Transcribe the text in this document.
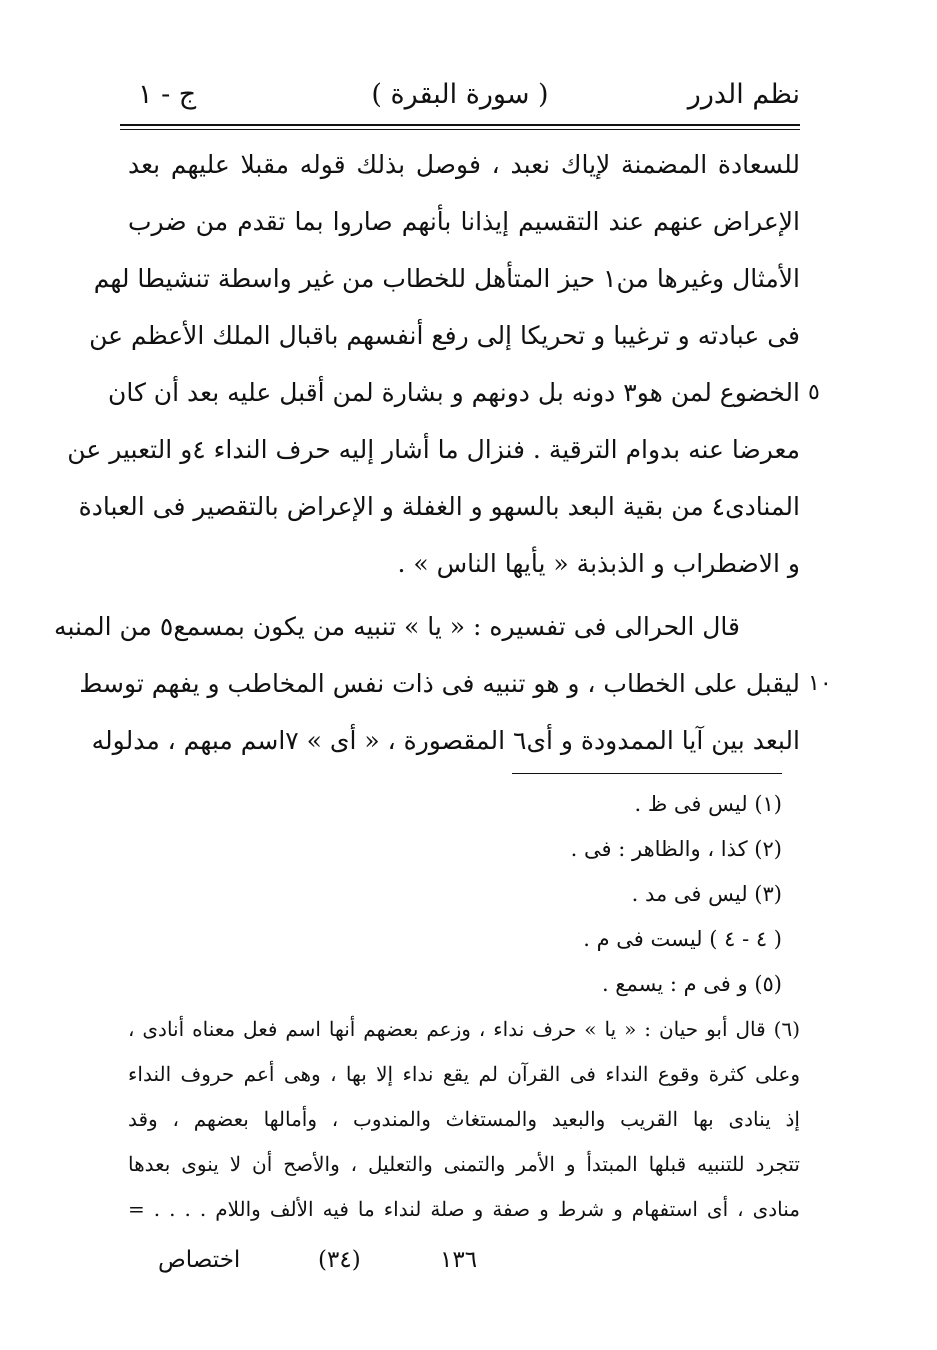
نظم الدرر
( سورة البقرة )
ج - ١
للسعادة المضمنة لإياك نعبد ، فوصل بذلك قوله مقبلا عليهم بعد
الإعراض عنهم عند التقسيم إيذانا بأنهم صاروا بما تقدم من ضرب
الأمثال وغيرها من١ حيز المتأهل للخطاب من غير واسطة تنشيطا لهم
فى عبادته و ترغيبا و تحريكا إلى رفع أنفسهم باقبال الملك الأعظم عن
الخضوع لمن هو٣ دونه بل دونهم و بشارة لمن أقبل عليه بعد أن كان
معرضا عنه بدوام الترقية . فنزال ما أشار إليه حرف النداء ٤و التعبير عن
المنادى٤ من بقية البعد بالسهو و الغفلة و الإعراض بالتقصير فى العبادة
و الاضطراب و الذبذبة « يأيها الناس » .
قال الحرالى فى تفسيره : « يا » تنبيه من يكون بمسمع٥ من المنبه
ليقبل على الخطاب ، و هو تنبيه فى ذات نفس المخاطب و يفهم توسط
البعد بين آيا الممدودة و أى٦ المقصورة ، « أى » ٧اسم مبهم ، مدلوله
٥
١٠
(١) ليس فى ظ .
(٢) كذا ، والظاهر : فى .
(٣) ليس فى مد .
( ٤ - ٤ ) ليست فى م .
(٥) و فى م : يسمع .
(٦) قال أبو حيان : « يا » حرف نداء ، وزعم بعضهم أنها اسم فعل معناه أنادى ،
وعلى كثرة وقوع النداء فى القرآن لم يقع نداء إلا بها ، وهى أعم حروف النداء
إذ ينادى بها القريب والبعيد والمستغاث والمندوب ، وأمالها بعضهم ، وقد
تتجرد للتنبيه قبلها المبتدأ و الأمر والتمنى والتعليل ، والأصح أن لا ينوى بعدها
منادى ، أى استفهام و شرط و صفة و صلة لنداء ما فيه الألف واللام . . . . =
١٣٦
(٣٤)
اختصاص
